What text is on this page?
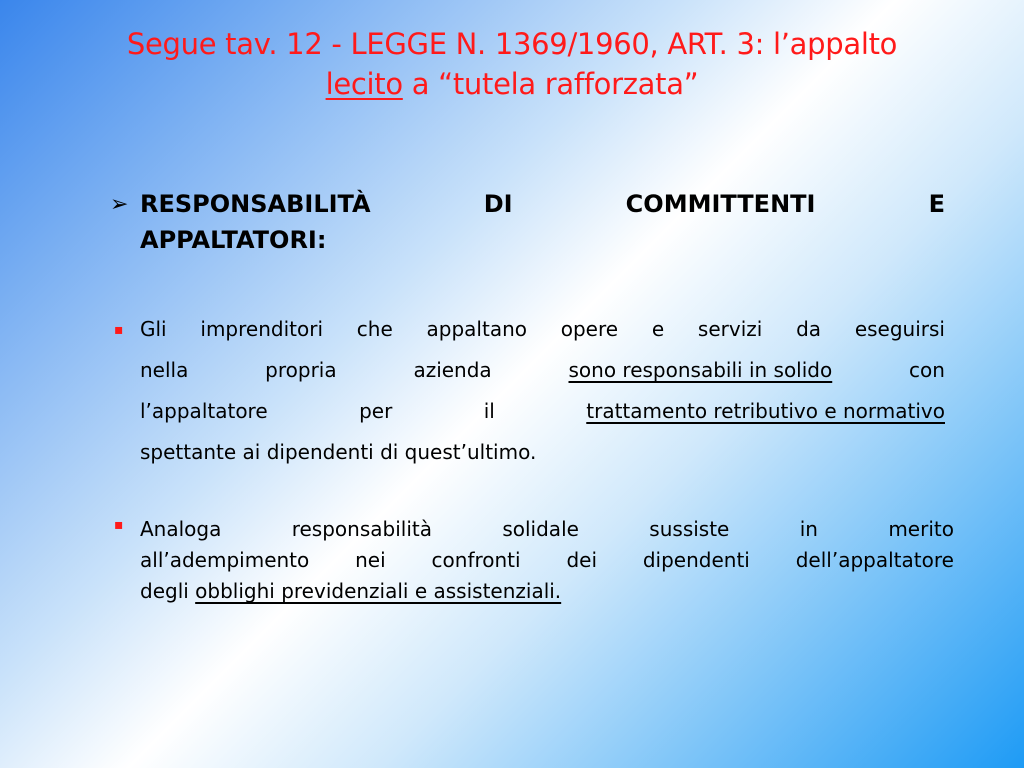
Segue tav. 12 - LEGGE N. 1369/1960, ART. 3: l’appalto
lecito a “tutela rafforzata”
➢ RESPONSABILITÀ	DI	COMMITTENTI	E
APPALTATORI:
▪ Gli imprenditori che appaltano opere e servizi da eseguirsi
nella	propria	azienda	sono responsabili in solido	con
l’appaltatore	per	il	trattamento retributivo e normativo
spettante ai dipendenti di quest’ultimo.
▪ Analoga	responsabilità	solidale	sussiste	in	merito
all’adempimento nei confronti dei dipendenti dell’appaltatore
degli obblighi previdenziali e assistenziali.
